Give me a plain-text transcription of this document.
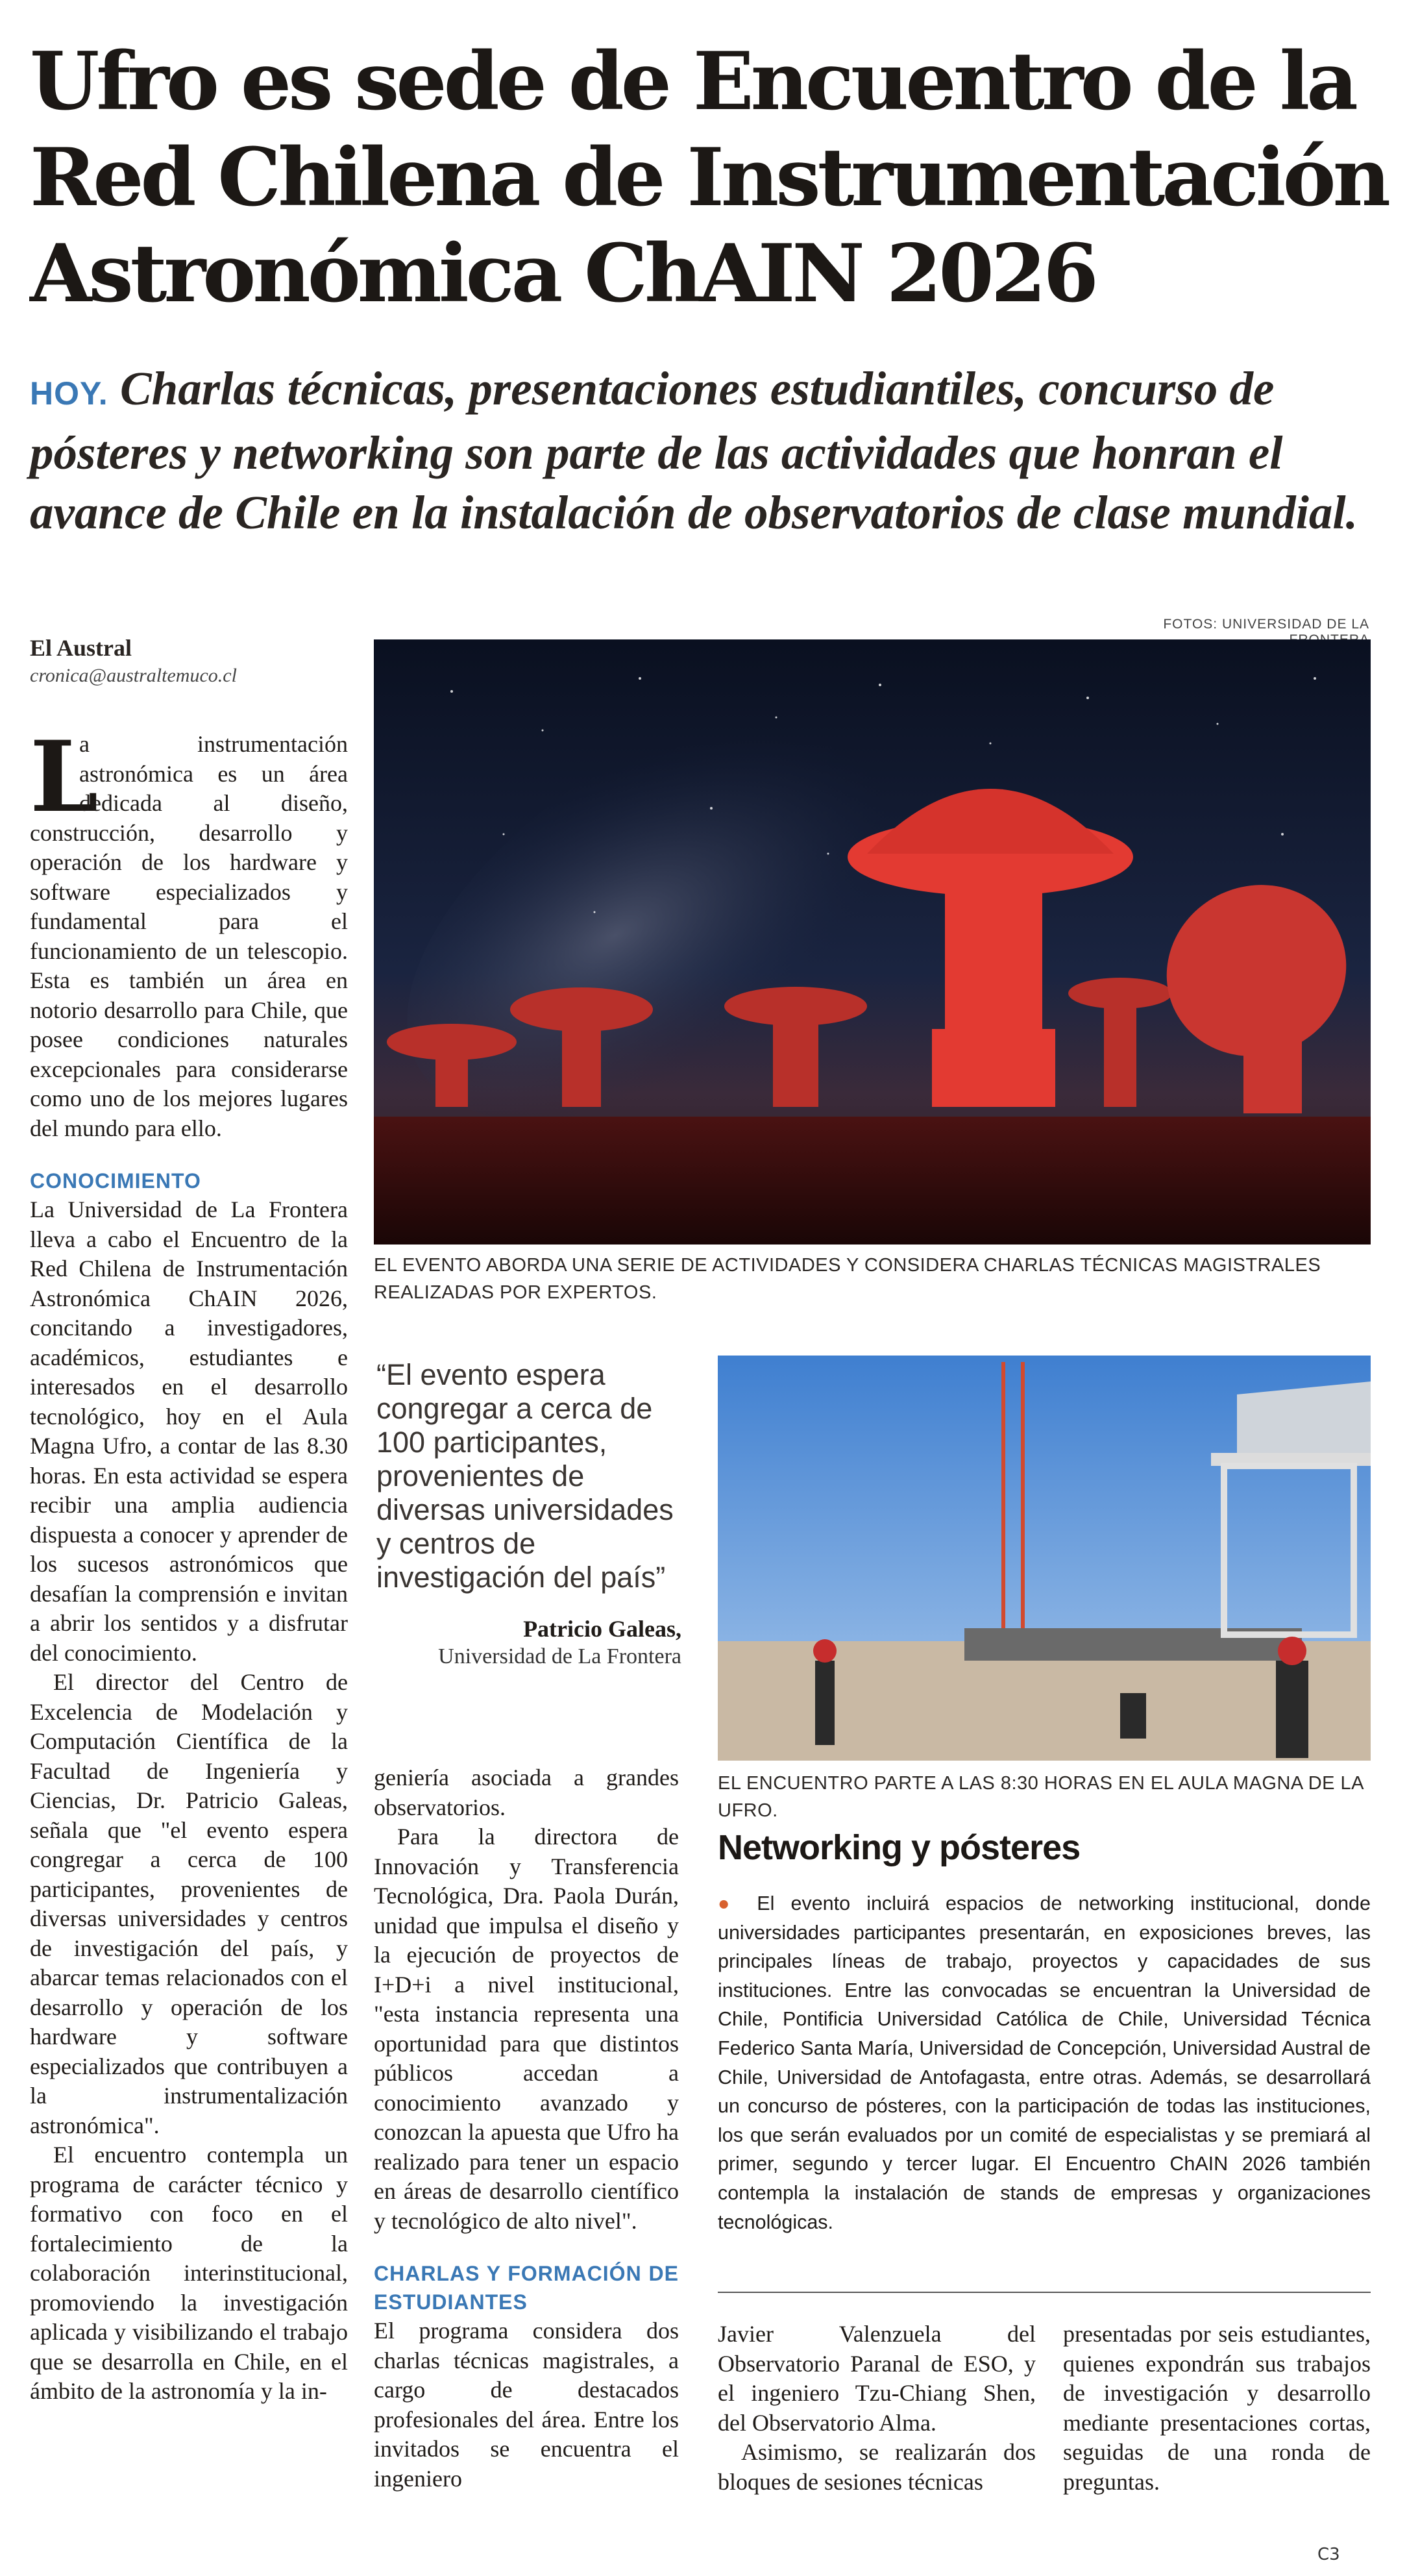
Ufro es sede de Encuentro de la
Red Chilena de Instrumentación
Astronómica ChAIN 2026
HOY. Charlas técnicas, presentaciones estudiantiles, concurso de pósteres y networking son parte de las actividades que honran el avance de Chile en la instalación de observatorios de clase mundial.
El Austral
cronica@australtemuco.cl
FOTOS: UNIVERSIDAD DE LA
EL EVENTO ABORDA UNA SERIE DE ACTIVIDADES Y CONSIDERA CHARLAS TÉCNICAS MAGISTRALES REALIZADAS POR EXPERTOS.
L

a instrumentación astronómica es un área dedicada al diseño, construcción, desarrollo y operación de los hardware y software especializados y fundamental para el funcionamiento de un telescopio. Esta es también un área en notorio desarrollo para Chile, que posee condiciones naturales excepcionales para considerarse como uno de los mejores lugares del mundo para ello.

CONOCIMIENTO

La Universidad de La Frontera lleva a cabo el Encuentro de la Red Chilena de Instrumentación Astronómica ChAIN 2026, concitando a investigadores, académicos, estudiantes e interesados en el desarrollo tecnológico, hoy en el Aula Magna Ufro, a contar de las 8.30 horas. En esta actividad se espera recibir una amplia audiencia dispuesta a conocer y aprender de los sucesos astronómicos que desafían la comprensión e invitan a abrir los sentidos y a disfrutar del conocimiento.

El director del Centro de Excelencia de Modelación y Computación Científica de la Facultad de Ingeniería y Ciencias, Dr. Patricio Galeas, señala que "el evento espera congregar a cerca de 100 participantes, provenientes de diversas universidades y centros de investigación del país, y abarcar temas relacionados con el desarrollo y operación de los hardware y software especializados que contribuyen a la instrumentalización astronómica".

El encuentro contempla un programa de carácter técnico y formativo con foco en el fortalecimiento de la colaboración interinstitucional, promoviendo la investigación aplicada y visibilizando el trabajo que se desarrolla en Chile, en el ámbito de la astronomía y la in-

“El evento espera congregar a cerca de 100 participantes, provenientes de diversas universidades y centros de investigación del país”
Patricio Galeas,
Universidad de La Frontera
EL ENCUENTRO PARTE A LAS 8:30 HORAS EN EL AULA MAGNA DE LA UFRO.

geniería asociada a grandes observatorios.

Para la directora de Innovación y Transferencia Tecnológica, Dra. Paola Durán, unidad que impulsa el diseño y la ejecución de proyectos de I+D+i a nivel institucional, "esta instancia representa una oportunidad para que distintos públicos accedan a conocimiento avanzado y conozcan la apuesta que Ufro ha realizado para tener un espacio en áreas de desarrollo científico y tecnológico de alto nivel".

CHARLAS Y FORMACIÓN DE ESTUDIANTES

El programa considera dos charlas técnicas magistrales, a cargo de destacados profesionales del área. Entre los invitados se encuentra el ingeniero

Networking y pósteres
● El evento incluirá espacios de networking institucional, donde universidades participantes presentarán, en exposiciones breves, las principales líneas de trabajo, proyectos y capacidades de sus instituciones. Entre las convocadas se encuentran la Universidad de Chile, Pontificia Universidad Católica de Chile, Universidad Técnica Federico Santa María, Universidad de Concepción, Universidad Austral de Chile, Universidad de Antofagasta, entre otras. Además, se desarrollará un concurso de pósteres, con la participación de todas las instituciones, los que serán evaluados por un comité de especialistas y se premiará al primer, segundo y tercer lugar. El Encuentro ChAIN 2026 también contempla la instalación de stands de empresas y organizaciones tecnológicas.

Javier Valenzuela del Observatorio Paranal de ESO, y el ingeniero Tzu-Chiang Shen, del Observatorio Alma.

Asimismo, se realizarán dos bloques de sesiones técnicas

presentadas por seis estudiantes, quienes expondrán sus trabajos de investigación y desarrollo mediante presentaciones cortas, seguidas de una ronda de preguntas.

C3
